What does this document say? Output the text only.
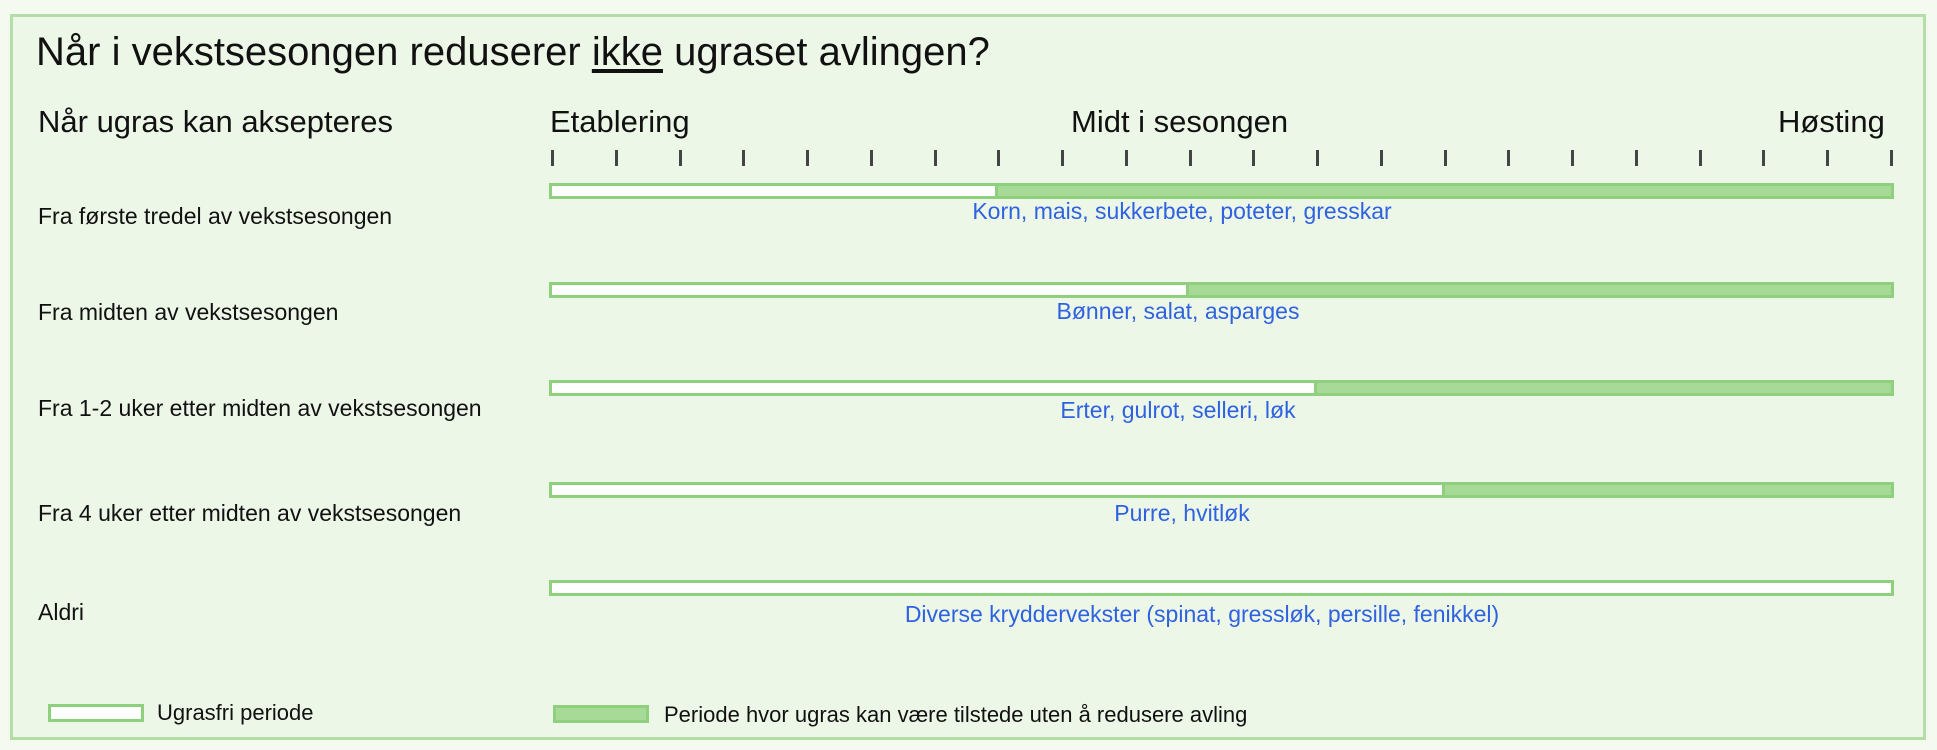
Når i vekstsesongen reduserer ikke ugraset avlingen?
Når ugras kan aksepteres	Etablering	Midt i sesongen	Høsting
Fra første tredel av vekstsesongen	Korn, mais, sukkerbete, poteter, gresskar
Fra midten av vekstsesongen	Bønner, salat, asparges
Fra 1-2 uker etter midten av vekstsesongen	Erter, gulrot, selleri, løk
Fra 4 uker etter midten av vekstsesongen	Purre, hvitløk
Aldri	Diverse kryddervekster (spinat, gressløk, persille, fenikkel)
Ugrasfri periode	Periode hvor ugras kan være tilstede uten å redusere avling
